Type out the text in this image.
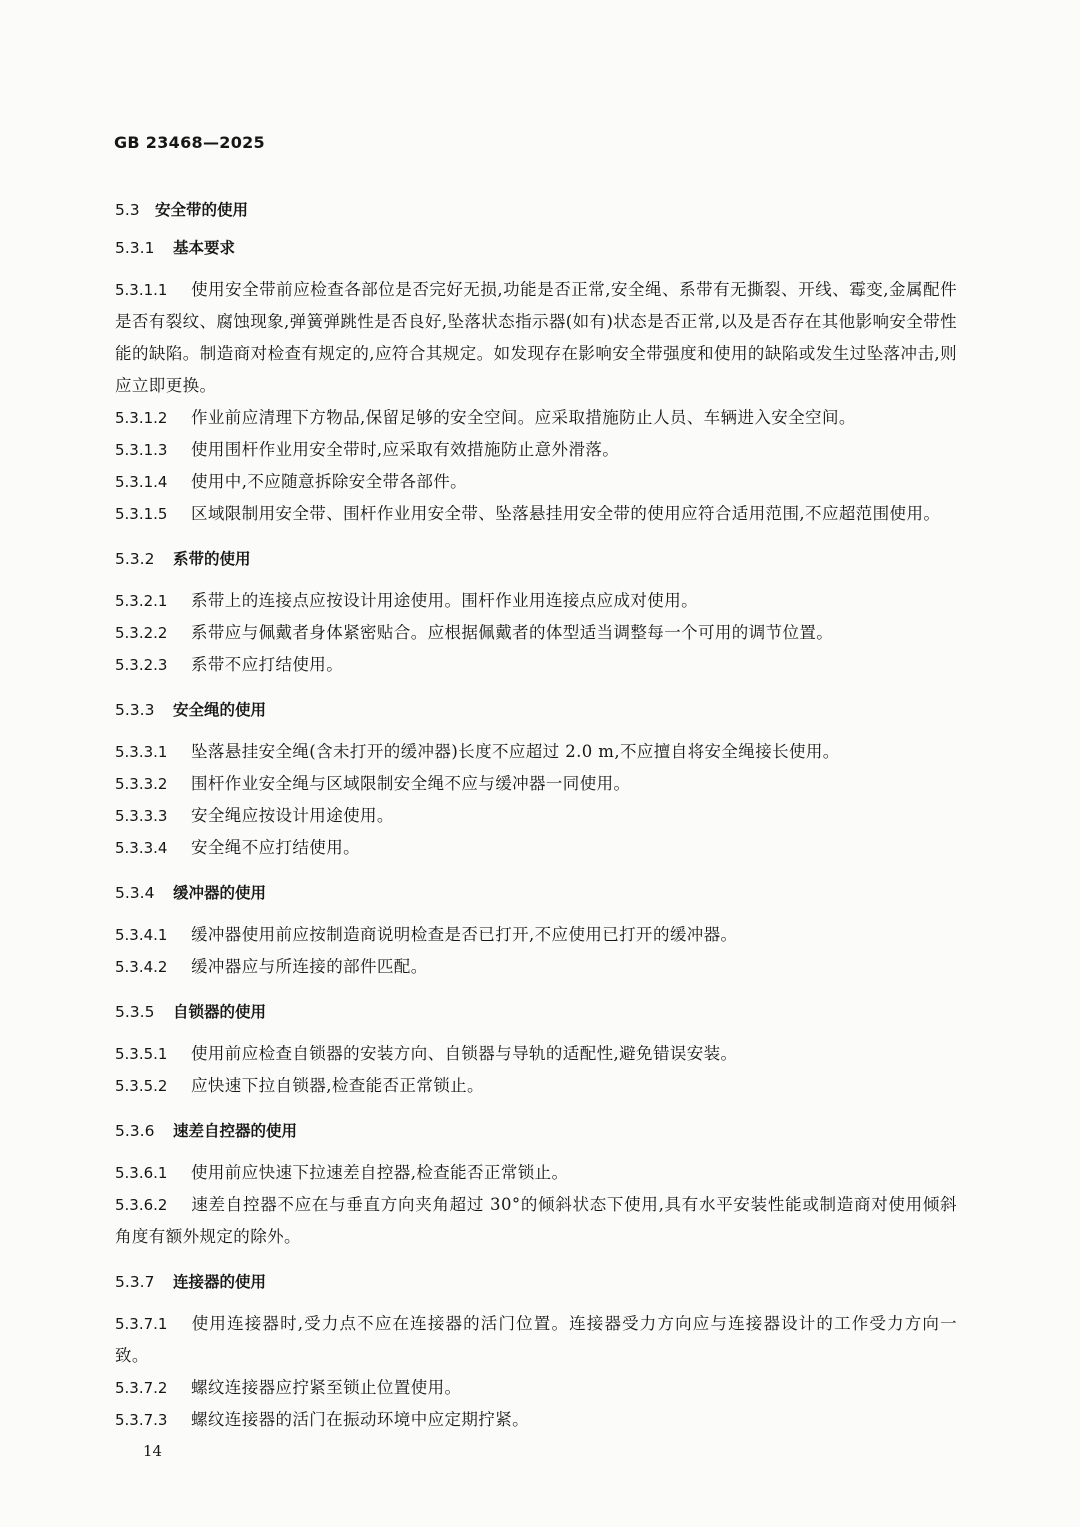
GB 23468—2025
5.3 安全带的使用
5.3.1 基本要求
5.3.1.1 使用安全带前应检查各部位是否完好无损,功能是否正常,安全绳、系带有无撕裂、开线、霉变,金属配件是否有裂纹、腐蚀现象,弹簧弹跳性是否良好,坠落状态指示器(如有)状态是否正常,以及是否存在其他影响安全带性能的缺陷。制造商对检查有规定的,应符合其规定。如发现存在影响安全带强度和使用的缺陷或发生过坠落冲击,则应立即更换。
5.3.1.2 作业前应清理下方物品,保留足够的安全空间。应采取措施防止人员、车辆进入安全空间。
5.3.1.3 使用围杆作业用安全带时,应采取有效措施防止意外滑落。
5.3.1.4 使用中,不应随意拆除安全带各部件。
5.3.1.5 区域限制用安全带、围杆作业用安全带、坠落悬挂用安全带的使用应符合适用范围,不应超范围使用。
5.3.2 系带的使用
5.3.2.1 系带上的连接点应按设计用途使用。围杆作业用连接点应成对使用。
5.3.2.2 系带应与佩戴者身体紧密贴合。应根据佩戴者的体型适当调整每一个可用的调节位置。
5.3.2.3 系带不应打结使用。
5.3.3 安全绳的使用
5.3.3.1 坠落悬挂安全绳(含未打开的缓冲器)长度不应超过 2.0 m,不应擅自将安全绳接长使用。
5.3.3.2 围杆作业安全绳与区域限制安全绳不应与缓冲器一同使用。
5.3.3.3 安全绳应按设计用途使用。
5.3.3.4 安全绳不应打结使用。
5.3.4 缓冲器的使用
5.3.4.1 缓冲器使用前应按制造商说明检查是否已打开,不应使用已打开的缓冲器。
5.3.4.2 缓冲器应与所连接的部件匹配。
5.3.5 自锁器的使用
5.3.5.1 使用前应检查自锁器的安装方向、自锁器与导轨的适配性,避免错误安装。
5.3.5.2 应快速下拉自锁器,检查能否正常锁止。
5.3.6 速差自控器的使用
5.3.6.1 使用前应快速下拉速差自控器,检查能否正常锁止。
5.3.6.2 速差自控器不应在与垂直方向夹角超过 30°的倾斜状态下使用,具有水平安装性能或制造商对使用倾斜角度有额外规定的除外。
5.3.7 连接器的使用
5.3.7.1 使用连接器时,受力点不应在连接器的活门位置。连接器受力方向应与连接器设计的工作受力方向一致。
5.3.7.2 螺纹连接器应拧紧至锁止位置使用。
5.3.7.3 螺纹连接器的活门在振动环境中应定期拧紧。
14
